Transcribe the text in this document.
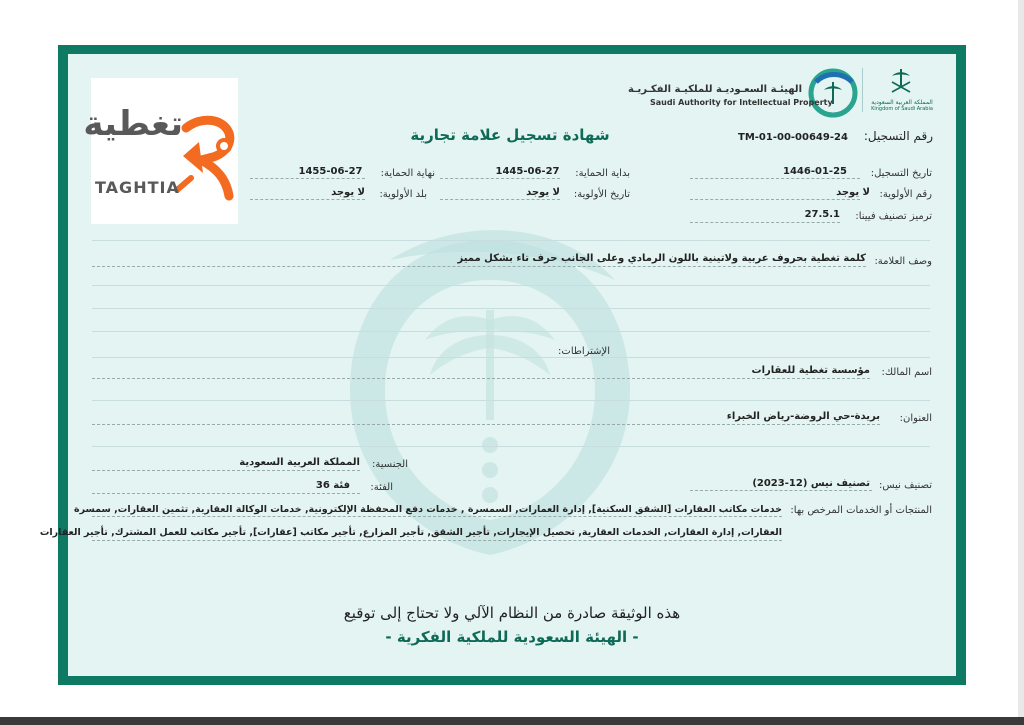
تغطية
TAGHTIA
المملكة العربية السعودية
Kingdom of Saudi Arabia
الهيئـة السعـوديـة للملكيـة الفكـريـة
Saudi Authority for Intellectual Property
شهادة تسجيل علامة تجارية	رقم التسجيل:
TM-01-00-00649-24
تاريخ التسجيل:
1446-01-25
بداية الحماية:
1445-06-27
نهاية الحماية:
1455-06-27
رقم الأولوية:
لا يوجد
تاريخ الأولوية:
لا يوجد
بلد الأولوية:
لا يوجد
ترميز تصنيف فيينا:
27.5.1
وصف العلامة:
كلمة تغطية بحروف عربية ولاتينية باللون الرمادي وعلى الجانب حرف تاء بشكل مميز
الإشتراطات:
اسم المالك:
مؤسسة تغطية للعقارات
العنوان:
بريدة-حي الروضة-رياض الخبراء
الجنسية:
المملكة العربية السعودية
تصنيف نيس:
تصنيف نيس (12-2023)
الفئة:
فئة 36
المنتجات أو الخدمات المرخص بها:
خدمات مكاتب العقارات [الشقق السكنية], إدارة العمارات, السمسرة , خدمات دفع المحفظة الإلكترونية, خدمات الوكالة العقارية, تثمين العقارات, سمسرة
العقارات, إدارة العقارات, الخدمات العقارية, تحصيل الإيجارات, تأجير الشقق, تأجير المزارع, تأجير مكاتب [عقارات], تأجير مكاتب للعمل المشترك, تأجير العقارات
هذه الوثيقة صادرة من النظام الآلي ولا تحتاج إلى توقيع
- الهيئة السعودية للملكية الفكرية -
